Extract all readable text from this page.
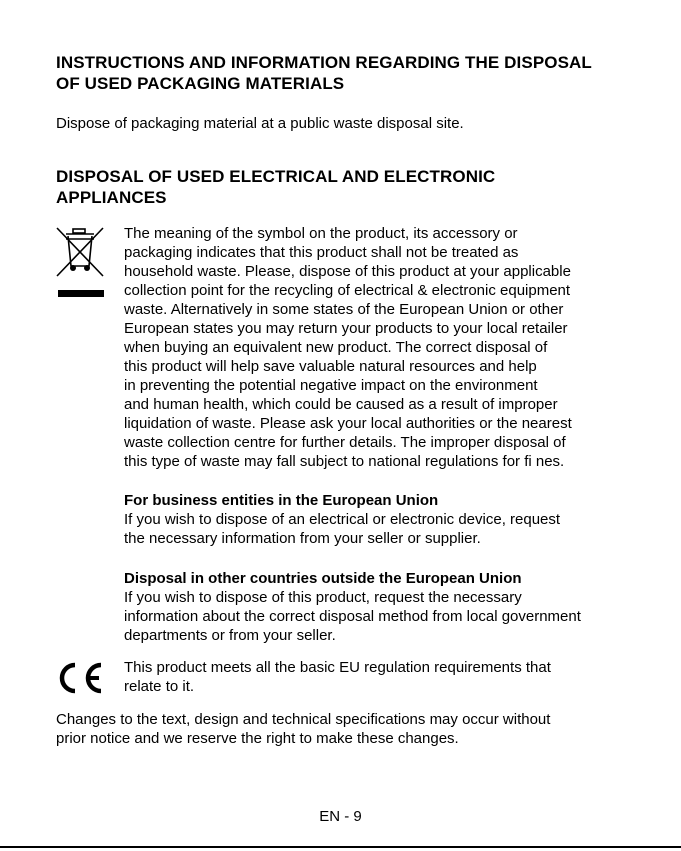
INSTRUCTIONS AND INFORMATION REGARDING THE DISPOSAL
OF USED PACKAGING MATERIALS
Dispose of packaging material at a public waste disposal site.
DISPOSAL OF USED ELECTRICAL AND ELECTRONIC
APPLIANCES
The meaning of the symbol on the product, its accessory or
packaging indicates that this product shall not be treated as
household waste. Please, dispose of this product at your applicable
collection point for the recycling of electrical & electronic equipment
waste. Alternatively in some states of the European Union or other
European states you may return your products to your local retailer
when buying an equivalent new product. The correct disposal of
this product will help save valuable natural resources and help
in preventing the potential negative impact on the environment
and human health, which could be caused as a result of improper
liquidation of waste. Please ask your local authorities or the nearest
waste collection centre for further details. The improper disposal of
this type of waste may fall subject to national regulations for fi nes.
For business entities in the European Union
If you wish to dispose of an electrical or electronic device, request
the necessary information from your seller or supplier.
Disposal in other countries outside the European Union
If you wish to dispose of this product, request the necessary
information about the correct disposal method from local government
departments or from your seller.
This product meets all the basic EU regulation requirements that
relate to it.
Changes to the text, design and technical specifications may occur without
prior notice and we reserve the right to make these changes.
EN - 9
